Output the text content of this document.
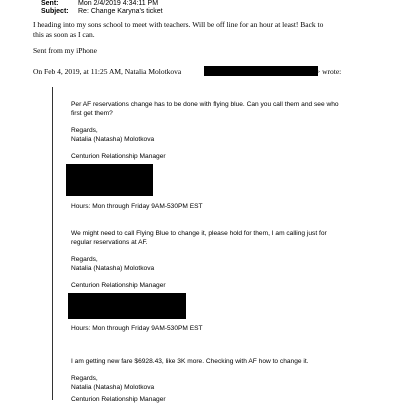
Sent:	Mon 2/4/2019 4:34:11 PM
Subject: Re: Change Karyna's ticket
I heading into my sons school to meet with teachers. Will be off line for an hour at least! Back to
this as soon as I can.
Sent from my iPhone
On Feb 4, 2019, at 11:25 AM, Natalia Molotkova	> wrote:
Per AF reservations change has to be done with flying blue. Can you call them and see who
first get them?
Regards,
Natalia (Natasha) Molotkova
Centurion Relationship Manager
Hours: Mon through Friday 9AM-530PM EST
We might need to call Flying Blue to change it, please hold for them, I am calling just for
regular reservations at AF.
Regards,
Natalia (Natasha) Molotkova
Centurion Relationship Manager
Hours: Mon through Friday 9AM-530PM EST
I am getting new fare $6928.43, like 3K more. Checking with AF how to change it.
Regards,
Natalia (Natasha) Molotkova
Centurion Relationship Manager
